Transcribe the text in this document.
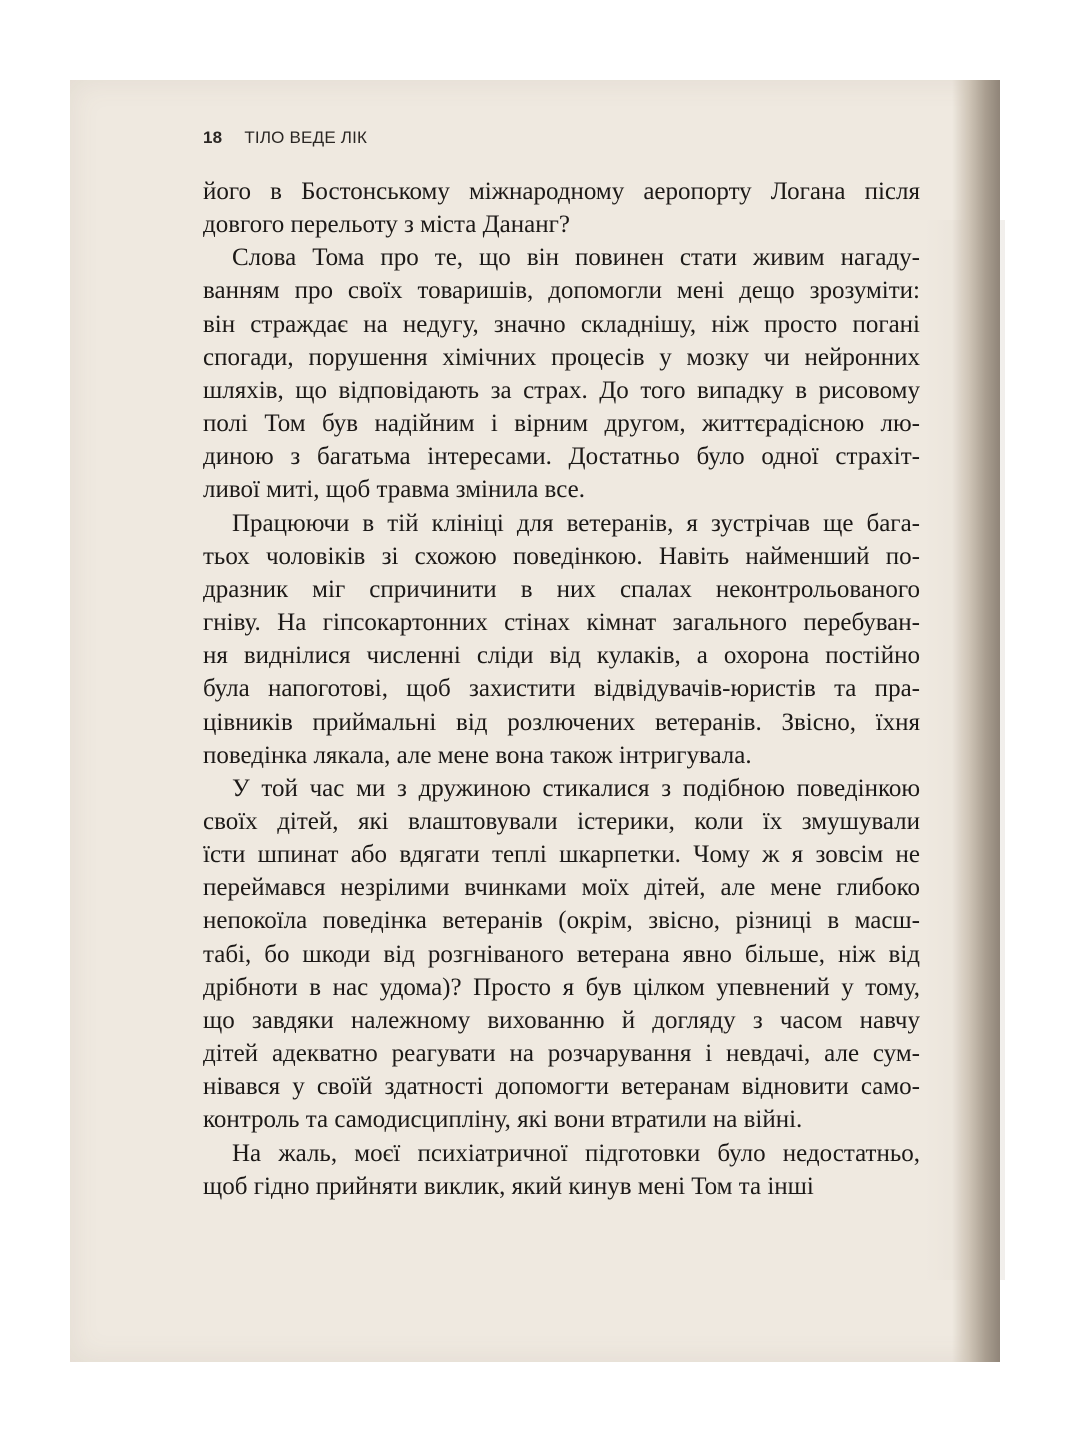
18 ТІЛО ВЕДЕ ЛІК
його в Бостонському міжнародному аеропорту Логана після
довгого перельоту з міста Дананг?
Слова Тома про те, що він повинен стати живим нагаду-
ванням про своїх товаришів, допомогли мені дещо зрозуміти:
він страждає на недугу, значно складнішу, ніж просто погані
спогади, порушення хімічних процесів у мозку чи нейронних
шляхів, що відповідають за страх. До того випадку в рисовому
полі Том був надійним і вірним другом, життєрадісною лю-
диною з багатьма інтересами. Достатньо було одної страхіт-
ливої миті, щоб травма змінила все.
Працюючи в тій клініці для ветеранів, я зустрічав ще бага-
тьох чоловіків зі схожою поведінкою. Навіть найменший по-
дразник міг спричинити в них спалах неконтрольованого
гніву. На гіпсокартонних стінах кімнат загального перебуван-
ня виднілися численні сліди від кулаків, а охорона постійно
була напоготові, щоб захистити відвідувачів-юристів та пра-
цівників приймальні від розлючених ветеранів. Звісно, їхня
поведінка лякала, але мене вона також інтригувала.
У той час ми з дружиною стикалися з подібною поведінкою
своїх дітей, які влаштовували істерики, коли їх змушували
їсти шпинат або вдягати теплі шкарпетки. Чому ж я зовсім не
переймався незрілими вчинками моїх дітей, але мене глибоко
непокоїла поведінка ветеранів (окрім, звісно, різниці в масш-
табі, бо шкоди від розгніваного ветерана явно більше, ніж від
дрібноти в нас удома)? Просто я був цілком упевнений у тому,
що завдяки належному вихованню й догляду з часом навчу
дітей адекватно реагувати на розчарування і невдачі, але сум-
нівався у своїй здатності допомогти ветеранам відновити само-
контроль та самодисципліну, які вони втратили на війні.
На жаль, моєї психіатричної підготовки було недостатньо,
щоб гідно прийняти виклик, який кинув мені Том та інші
